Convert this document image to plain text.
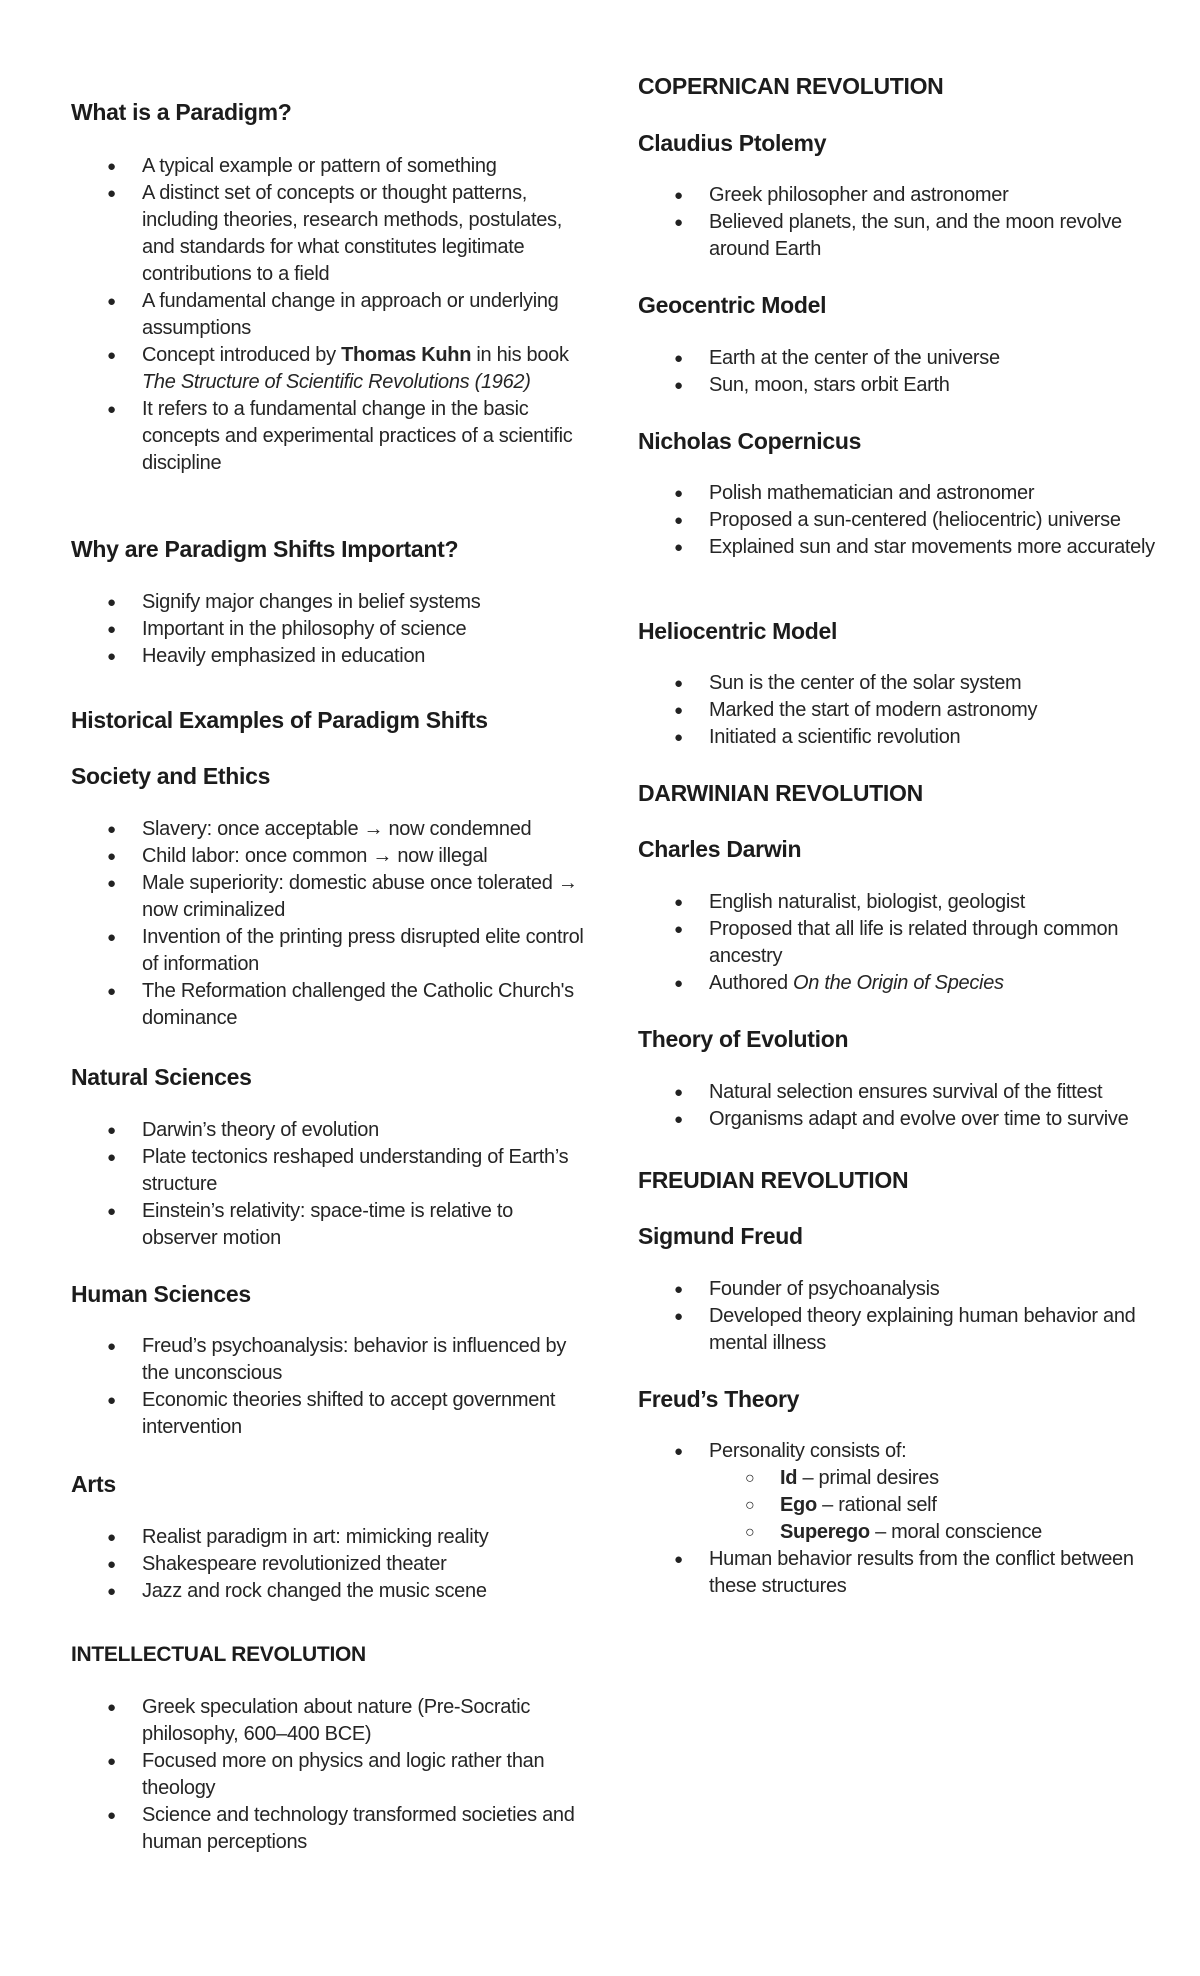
What is a Paradigm?
● A typical example or pattern of something
● A distinct set of concepts or thought patterns, including theories, research methods, postulates, and standards for what constitutes legitimate contributions to a field
● A fundamental change in approach or underlying assumptions
● Concept introduced by Thomas Kuhn in his book The Structure of Scientific Revolutions (1962)
● It refers to a fundamental change in the basic concepts and experimental practices of a scientific discipline
Why are Paradigm Shifts Important?
● Signify major changes in belief systems
● Important in the philosophy of science
● Heavily emphasized in education
Historical Examples of Paradigm Shifts
Society and Ethics
● Slavery: once acceptable → now condemned
● Child labor: once common → now illegal
● Male superiority: domestic abuse once tolerated → now criminalized
● Invention of the printing press disrupted elite control of information
● The Reformation challenged the Catholic Church's dominance
Natural Sciences
● Darwin’s theory of evolution
● Plate tectonics reshaped understanding of Earth’s structure
● Einstein’s relativity: space-time is relative to observer motion
Human Sciences
● Freud’s psychoanalysis: behavior is influenced by the unconscious
● Economic theories shifted to accept government intervention
Arts
● Realist paradigm in art: mimicking reality
● Shakespeare revolutionized theater
● Jazz and rock changed the music scene
INTELLECTUAL REVOLUTION
● Greek speculation about nature (Pre-Socratic philosophy, 600–400 BCE)
● Focused more on physics and logic rather than theology
● Science and technology transformed societies and human perceptions
COPERNICAN REVOLUTION
Claudius Ptolemy
● Greek philosopher and astronomer
● Believed planets, the sun, and the moon revolve around Earth
Geocentric Model
● Earth at the center of the universe
● Sun, moon, stars orbit Earth
Nicholas Copernicus
● Polish mathematician and astronomer
● Proposed a sun-centered (heliocentric) universe
● Explained sun and star movements more accurately
Heliocentric Model
● Sun is the center of the solar system
● Marked the start of modern astronomy
● Initiated a scientific revolution
DARWINIAN REVOLUTION
Charles Darwin
● English naturalist, biologist, geologist
● Proposed that all life is related through common ancestry
● Authored On the Origin of Species
Theory of Evolution
● Natural selection ensures survival of the fittest
● Organisms adapt and evolve over time to survive
FREUDIAN REVOLUTION
Sigmund Freud
● Founder of psychoanalysis
● Developed theory explaining human behavior and mental illness
Freud’s Theory
● Personality consists of:
○ Id – primal desires
○ Ego – rational self
○ Superego – moral conscience
● Human behavior results from the conflict between these structures
